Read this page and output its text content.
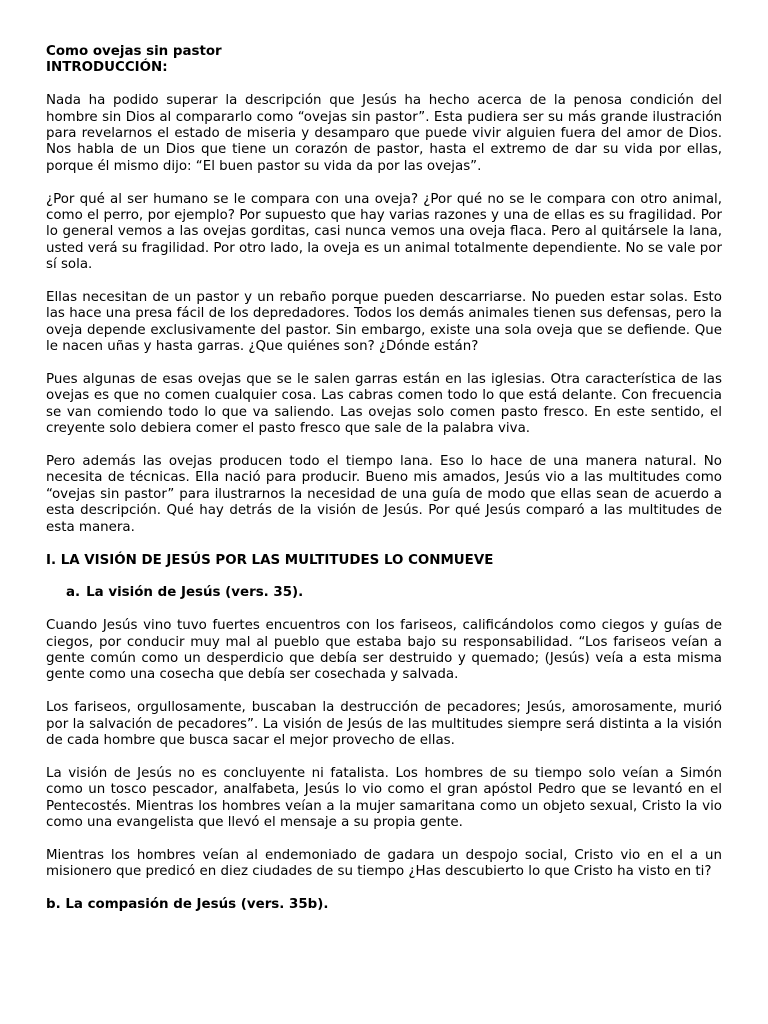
Como ovejas sin pastor
INTRODUCCIÓN:

Nada ha podido superar la descripción que Jesús ha hecho acerca de la penosa condición del hombre sin Dios al compararlo como “ovejas sin pastor”. Esta pudiera ser su más grande ilustración para revelarnos el estado de miseria y desamparo que puede vivir alguien fuera del amor de Dios. Nos habla de un Dios que tiene un corazón de pastor, hasta el extremo de dar su vida por ellas, porque él mismo dijo: “El buen pastor su vida da por las ovejas”.

¿Por qué al ser humano se le compara con una oveja? ¿Por qué no se le compara con otro animal, como el perro, por ejemplo? Por supuesto que hay varias razones y una de ellas es su fragilidad. Por lo general vemos a las ovejas gorditas, casi nunca vemos una oveja flaca. Pero al quitársele la lana, usted verá su fragilidad. Por otro lado, la oveja es un animal totalmente dependiente. No se vale por sí sola.

Ellas necesitan de un pastor y un rebaño porque pueden descarriarse. No pueden estar solas. Esto las hace una presa fácil de los depredadores. Todos los demás animales tienen sus defensas, pero la oveja depende exclusivamente del pastor. Sin embargo, existe una sola oveja que se defiende. Que le nacen uñas y hasta garras. ¿Que quiénes son? ¿Dónde están?

Pues algunas de esas ovejas que se le salen garras están en las iglesias. Otra característica de las ovejas es que no comen cualquier cosa. Las cabras comen todo lo que está delante. Con frecuencia se van comiendo todo lo que va saliendo. Las ovejas solo comen pasto fresco. En este sentido, el creyente solo debiera comer el pasto fresco que sale de la palabra viva.

Pero además las ovejas producen todo el tiempo lana. Eso lo hace de una manera natural. No necesita de técnicas. Ella nació para producir. Bueno mis amados, Jesús vio a las multitudes como “ovejas sin pastor” para ilustrarnos la necesidad de una guía de modo que ellas sean de acuerdo a esta descripción. Qué hay detrás de la visión de Jesús. Por qué Jesús comparó a las multitudes de esta manera.

I. LA VISIÓN DE JESÚS POR LAS MULTITUDES LO CONMUEVE
a. La visión de Jesús (vers. 35).

Cuando Jesús vino tuvo fuertes encuentros con los fariseos, calificándolos como ciegos y guías de ciegos, por conducir muy mal al pueblo que estaba bajo su responsabilidad. “Los fariseos veían a gente común como un desperdicio que debía ser destruido y quemado; (Jesús) veía a esta misma gente como una cosecha que debía ser cosechada y salvada.

Los fariseos, orgullosamente, buscaban la destrucción de pecadores; Jesús, amorosamente, murió por la salvación de pecadores”. La visión de Jesús de las multitudes siempre será distinta a la visión de cada hombre que busca sacar el mejor provecho de ellas.

La visión de Jesús no es concluyente ni fatalista. Los hombres de su tiempo solo veían a Simón como un tosco pescador, analfabeta, Jesús lo vio como el gran apóstol Pedro que se levantó en el Pentecostés. Mientras los hombres veían a la mujer samaritana como un objeto sexual, Cristo la vio como una evangelista que llevó el mensaje a su propia gente.

Mientras los hombres veían al endemoniado de gadara un despojo social, Cristo vio en el a un misionero que predicó en diez ciudades de su tiempo ¿Has descubierto lo que Cristo ha visto en ti?

b. La compasión de Jesús (vers. 35b).
